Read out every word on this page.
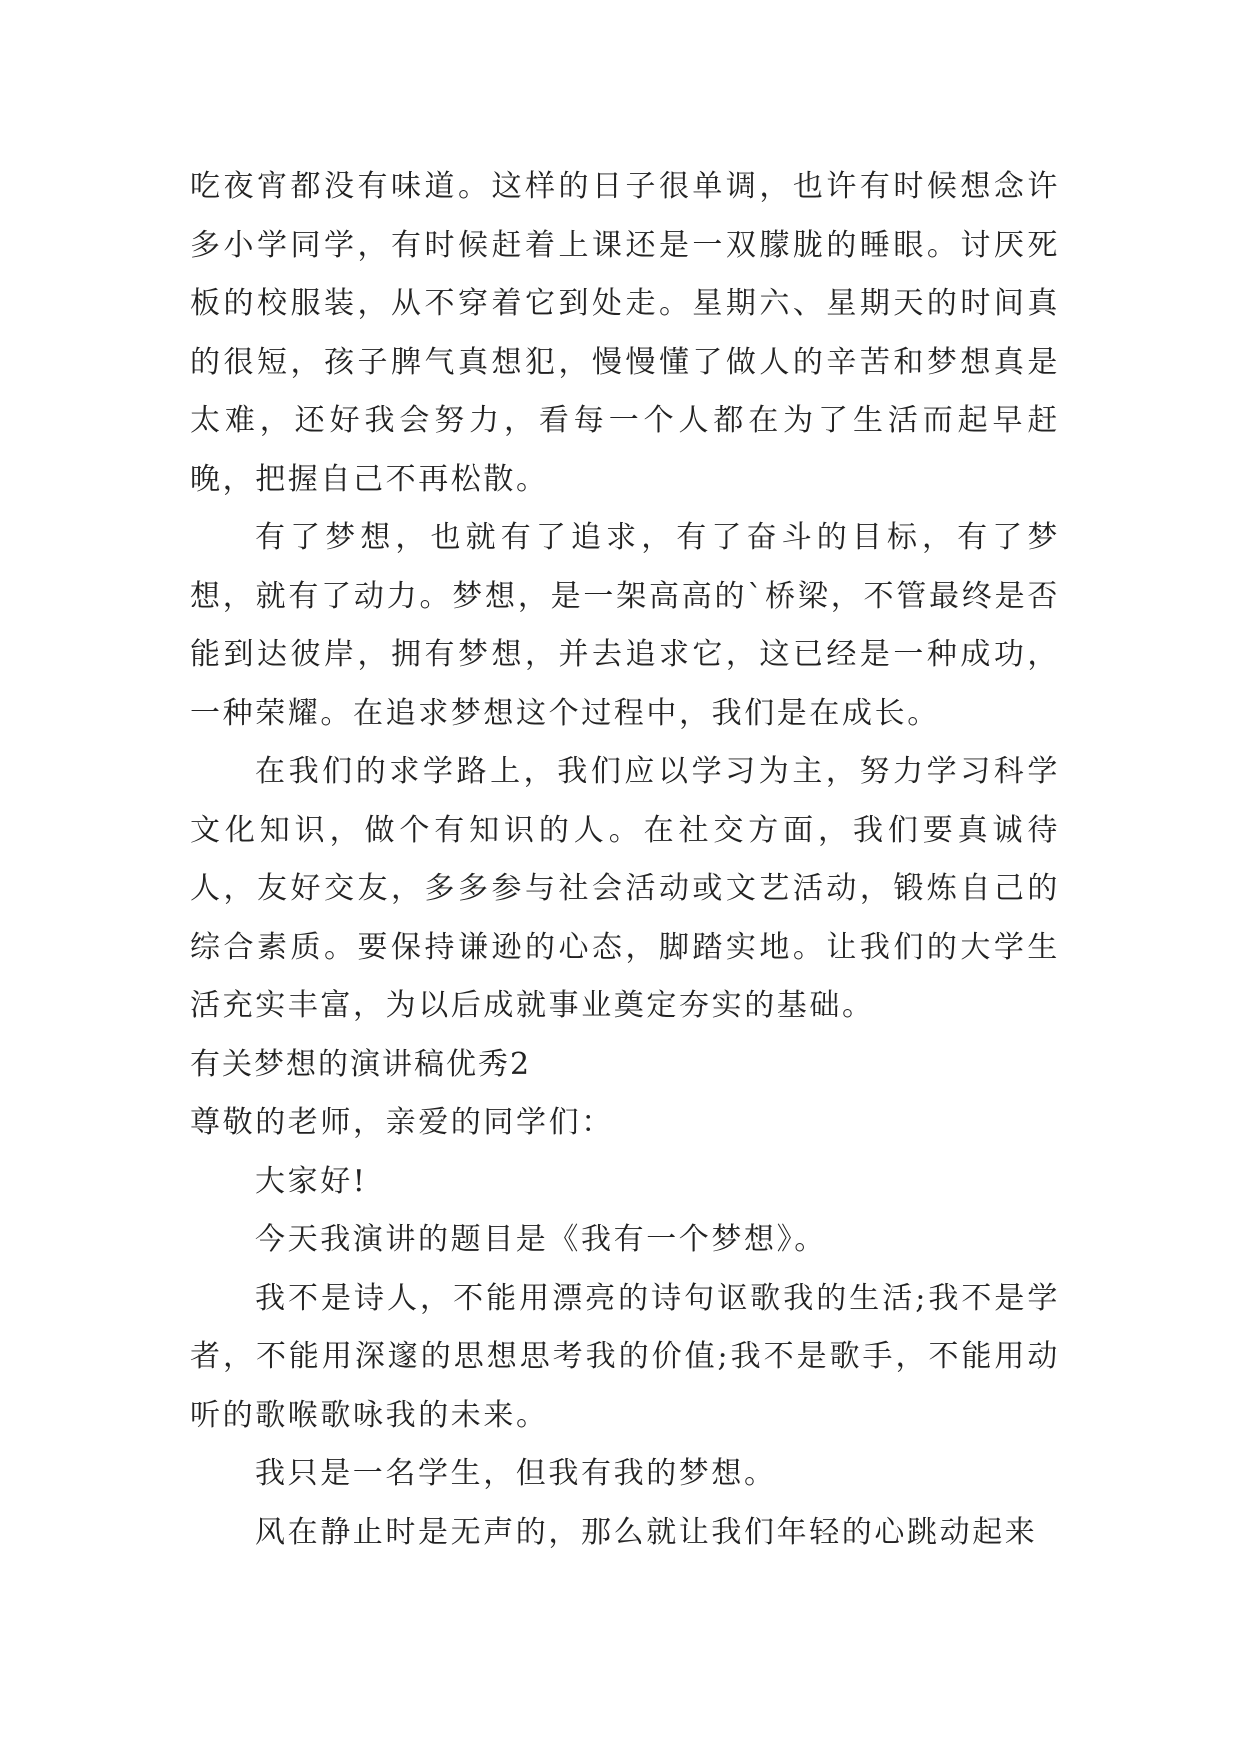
吃夜宵都没有味道。这样的日子很单调，也许有时候想念许多小学同学，有时候赶着上课还是一双朦胧的睡眼。讨厌死板的校服装，从不穿着它到处走。星期六、星期天的时间真的很短，孩子脾气真想犯，慢慢懂了做人的辛苦和梦想真是太难，还好我会努力，看每一个人都在为了生活而起早赶晚，把握自己不再松散。

有了梦想，也就有了追求，有了奋斗的目标，有了梦想，就有了动力。梦想，是一架高高的`桥梁，不管最终是否能到达彼岸，拥有梦想，并去追求它，这已经是一种成功，一种荣耀。在追求梦想这个过程中，我们是在成长。

在我们的求学路上，我们应以学习为主，努力学习科学文化知识，做个有知识的人。在社交方面，我们要真诚待人，友好交友，多多参与社会活动或文艺活动，锻炼自己的综合素质。要保持谦逊的心态，脚踏实地。让我们的大学生活充实丰富，为以后成就事业奠定夯实的基础。

有关梦想的演讲稿优秀2

尊敬的老师，亲爱的同学们：

大家好!

今天我演讲的题目是《我有一个梦想》。

我不是诗人，不能用漂亮的诗句讴歌我的生活;我不是学者，不能用深邃的思想思考我的价值;我不是歌手，不能用动听的歌喉歌咏我的未来。

我只是一名学生，但我有我的梦想。

风在静止时是无声的，那么就让我们年轻的心跳动起来
